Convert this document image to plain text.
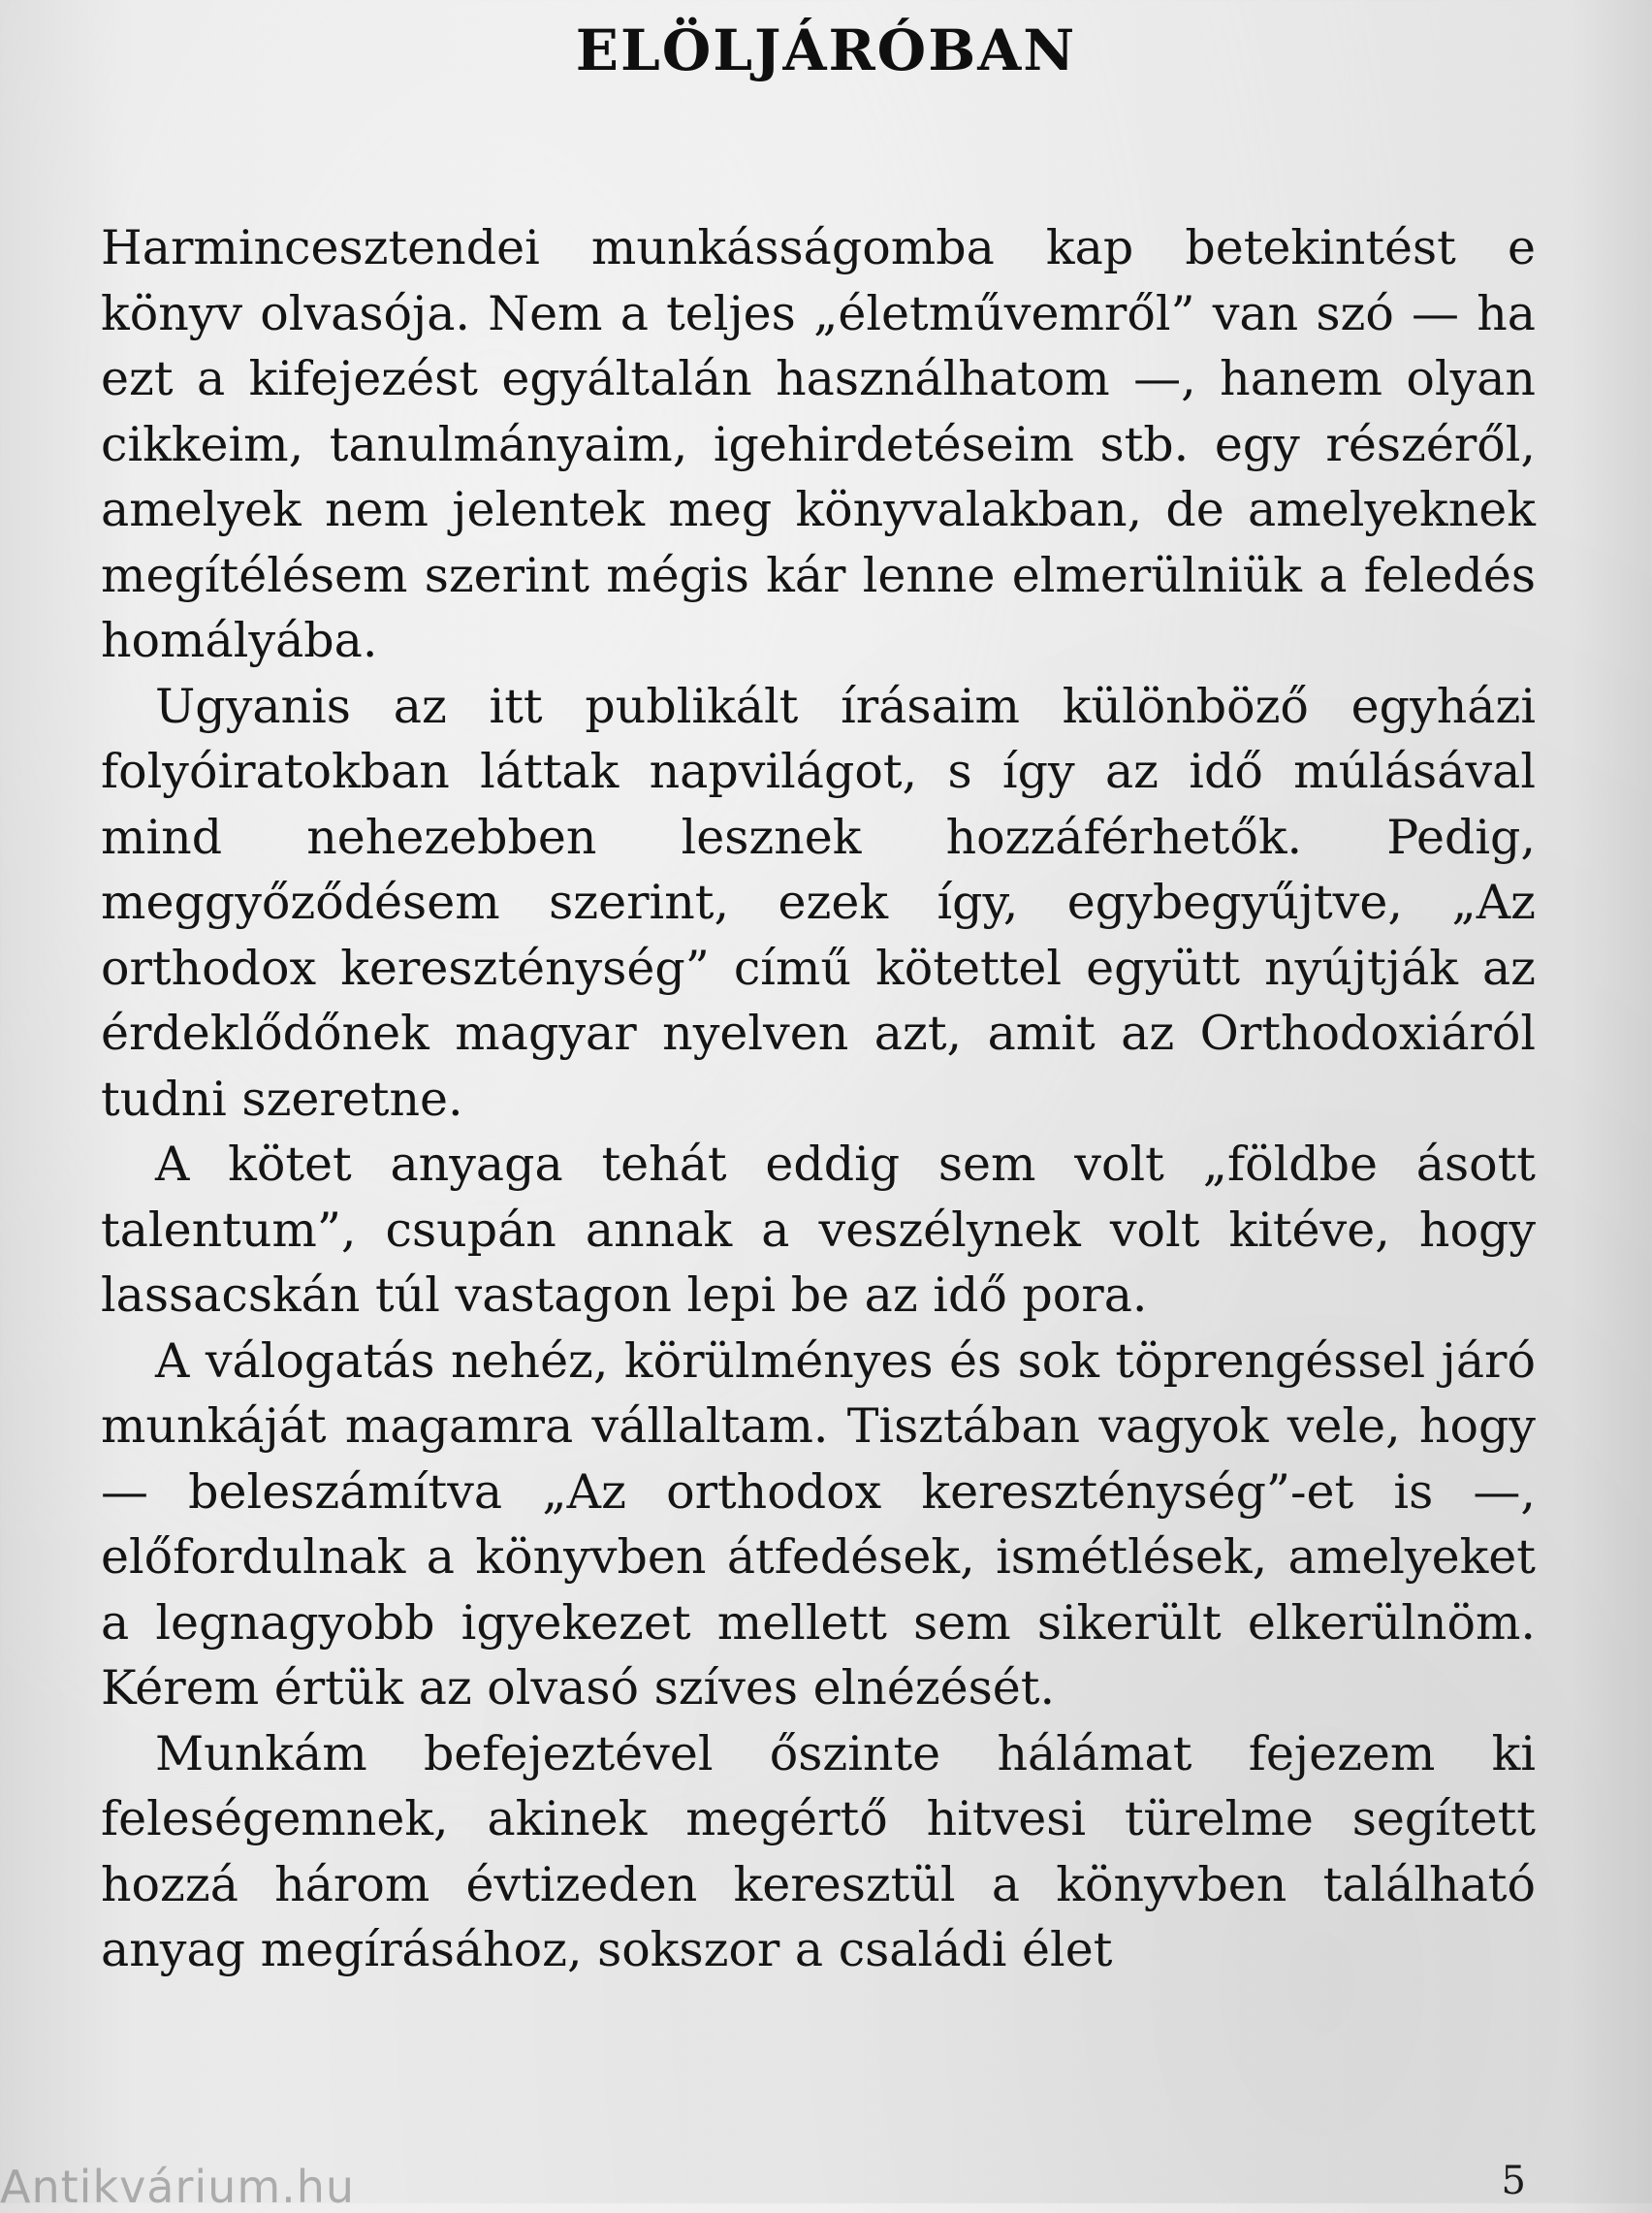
ELÖLJÁRÓBAN

Harmincesztendei munkásságomba kap betekintést e könyv olvasója. Nem a teljes „életművemről” van szó — ha ezt a kifejezést egyáltalán használhatom —, hanem olyan cikkeim, tanulmányaim, igehirdetéseim stb. egy részéről, amelyek nem jelentek meg könyvalakban, de amelyeknek megítélésem szerint mégis kár lenne elmerülniük a feledés homályába.

Ugyanis az itt publikált írásaim különböző egyházi folyóiratokban láttak napvilágot, s így az idő múlásával mind nehezebben lesznek hozzáférhetők. Pedig, meggyőződésem szerint, ezek így, egybegyűjtve, „Az orthodox kereszténység” című kötettel együtt nyújtják az érdeklődőnek magyar nyelven azt, amit az Orthodoxiáról tudni szeretne.

A kötet anyaga tehát eddig sem volt „földbe ásott talentum”, csupán annak a veszélynek volt kitéve, hogy lassacskán túl vastagon lepi be az idő pora.

A válogatás nehéz, körülményes és sok töprengéssel járó munkáját magamra vállaltam. Tisztában vagyok vele, hogy — beleszámítva „Az orthodox kereszténység”-et is —, előfordulnak a könyvben átfedések, ismétlések, amelyeket a legnagyobb igyekezet mellett sem sikerült elkerülnöm. Kérem értük az olvasó szíves elnézését.

Munkám befejeztével őszinte hálámat fejezem ki feleségemnek, akinek megértő hitvesi türelme segített hozzá három évtizeden keresztül a könyvben található anyag megírásához, sokszor a családi élet

Antikvárium.hu	5
